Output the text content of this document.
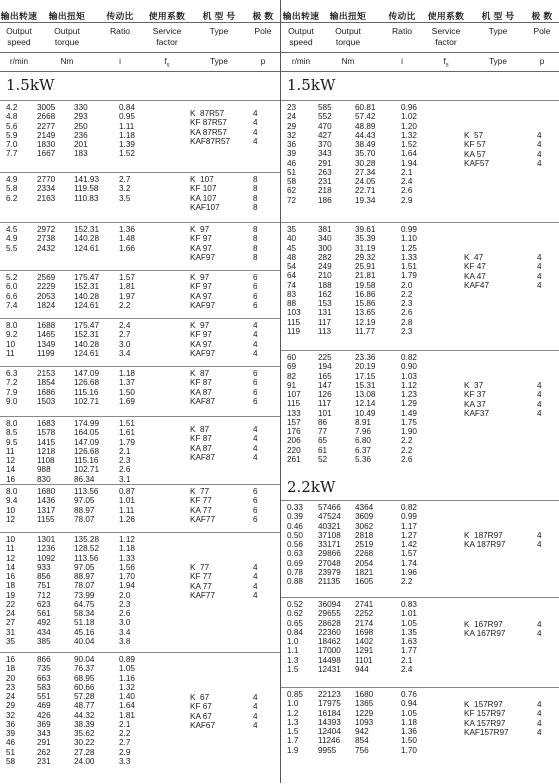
输出转速
Output
speed
r/min
输出扭矩
Output
torque
Nm
传动比
Ratio
i
使用系数
Service
factor
$f_s$
机 型 号
Type
Type
极 数
Pole
p
1.5kW
4.2 3005 330	0.84
4.8 2668 293	0.95
5.6 2277 250	1.11
5.9 2149 236	1.18
7.0 1830 201	1.39
7.7 1667 183	1.52
K  87R57	4
KF 87R57	4
KA 87R57	4
KAF87R57	4
4.9 2770 141.93 2.7
5.8 2334 119.58	3.2
6.2 2163 110.83	3.5
K  107	8
KF 107	8
KA 107	8
KAF107	8
4.5 2972 152.31 1.36
4.9 2738 140.28 1.48
5.5 2432 124.61 1.66
K  97	8
KF 97	8
KA 97	8
KAF97	8
5.2 2569 175.47 1.57
6.0 2229 152.31 1.81
6.6 2053 140.28 1.97
7.4 1824 124.61 2.2
K  97	6
KF 97	6
KA 97	6
KAF97	6
8.0 1688 175.47 2.4
9.2 1465 152.31 2.7
10	1349 140.28 3.0
11	1199 124.61 3.4
K  97	4
KF 97	4
KA 97	4
KAF97	4
6.3 2153 147.09 1.18
7.2 1854 126.68 1.37
7.9 1686 115.16	1.50
9.0 1503 102.71 1.69
K  87	6
KF 87	6
KA 87	6
KAF87	6
8.0 1683 174.99 1.51
8.5 1578 164.05 1.61
9.5 1415 147.09 1.79
11	1218 126.68 2.1
12	1108 115.16	2.3
14	988	102.71 2.6
16	830	86.34	3.1
K  87	4
KF 87	4
KA 87	4
KAF87	4
8.0 1680 113.56	0.87
9.4 1436 97.05	1.01
10	1317 88.97	1.11
12	1155 78.07	1.26
K  77	6
KF 77	6
KA 77	6
KAF77	6
10	1301 135.28 1.12
11	1236 128.52 1.18
12	1092 113.56	1.33
14	933	97.05	1.56
16	856	88.97	1.70
18	751	78.07	1.94
19	712	73.99	2.0
22	623	64.75	2.3
24	561	58.34	2.6
27	492	51.18	3.0
31	434	45.16	3.4
35	385	40.04	3.8
K  77	4
KF 77	4
KA 77	4
KAF77	4
16	866	90.04	0.89
18	735	76.37	1.05
20	663	68.95	1.16
23	583	60.66	1.32
24	551	57.28	1.40
29	469	48.77	1.64
32	426	44.32	1.81
36	369	38.39	2.1
39	343	35.62	2.2
46	291	30.22	2.7
51	262	27.28	2.9
58	231	24.00	3.3
K  67	4
KF 67	4
KA 67	4
KAF67	4
输出转速
Output
speed
r/min
输出扭矩
Output
torque
Nm
传动比
Ratio
i
使用系数
Service
factor
$f_s$
机 型 号
Type
Type
极 数
Pole
p
1.5kW
23	585	60.81	0.96
24	552	57.42	1.02
29	470	48.89	1.20
32	427	44.43	1.32
36	370	38.49	1.52
39	343	35.70	1.64
46	291	30.28	1.94
51	263	27.34	2.1
58	231	24.05	2.4
62	218	22.71	2.6
72	186	19.34	2.9
K  57	4
KF 57	4
KA 57	4
KAF57	4
35	381	39.61	0.99
40	340	35.39	1.10
45	300	31.19	1.25
48	282	29.32	1.33
54	249	25.91	1.51
64	210	21.81	1.79
74	188	19.58	2.0
83	162	16.86	2.2
88	153	15.86	2.3
103 131	13.65	2.6
115 117	12.19	2.8
119 113	11.77	2.3
K  47	4
KF 47	4
KA 47	4
KAF47	4
60	225	23.36	0.82
69	194	20.19	0.90
82	165	17.15	1.03
91	147	15.31	1.12
107 126	13.08	1.23
115 117	12.14	1.29
133 101	10.49	1.49
157 86	8.91	1.75
176 77	7.96	1.90
206 65	6.80	2.2
220 61	6.37	2.2
261 52	5.36	2.6
K  37	4
KF 37	4
KA 37	4
KAF37	4
2.2kW
0.33 57466 4364	0.82
0.39 47524 3609	0.99
0.46 40321 3062	1.17
0.50 37108 2818	1.27
0.56 33171 2519	1.42
0.63 29866 2268	1.57
0.69 27048 2054	1.74
0.78 23979 1821	1.96
0.88 21135 1605	2.2
K  187R97	4
KA 187R97	4
0.52 36094 2741	0.83
0.62 29655 2252	1.01
0.65 28628 2174	1.05
0.84 22360 1698	1.35
1.0 18462 1402	1.63
1.1 17000 1291	1.77
1.3 14498 1101	2.1
1.5 12431 944	2.4
K  167R97	4
KA 167R97	4
0.85 22123 1680	0.76
1.0 17975 1365	0.94
1.2 16184 1229	1.05
1.3 14393 1093	1.18
1.5 12404 942	1.36
1.7 11246 854	1.50
1.9 9955 756	1.70
K  157R97	4
KF 157R97	4
KA 157R97	4
KAF157R97	4
